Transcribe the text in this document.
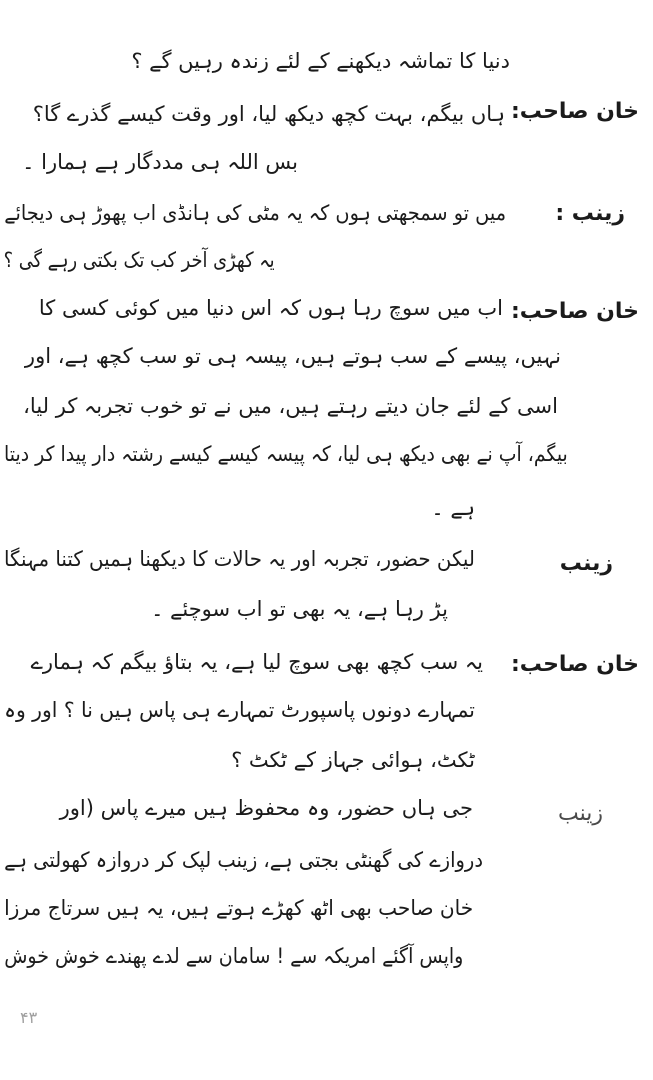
دنیا کا تماشہ دیکھنے کے لئے زندہ رہیں گے ؟
خان صاحب:
ہاں بیگم، بہت کچھ دیکھ لیا، اور وقت کیسے گذرے گا؟
بس اللہ ہی مددگار ہے ہمارا ۔
زینب :
میں تو سمجھتی ہوں کہ یہ مٹی کی ہانڈی اب پھوڑ ہی دیجائے
یہ کھڑی آخر کب تک بکتی رہے گی ؟
خان صاحب:
اب میں سوچ رہا ہوں کہ اس دنیا میں کوئی کسی کا
نہیں، پیسے کے سب ہوتے ہیں، پیسہ ہی تو سب کچھ ہے، اور
اسی کے لئے جان دیتے رہتے ہیں، میں نے تو خوب تجربہ کر لیا،
بیگم، آپ نے بھی دیکھ ہی لیا، کہ پیسہ کیسے کیسے رشتہ دار پیدا کر دیتا
ہے ۔
زینب
لیکن حضور، تجربہ اور یہ حالات کا دیکھنا ہمیں کتنا مہنگا
پڑ رہا ہے، یہ بھی تو اب سوچئے ۔
خان صاحب:
یہ سب کچھ بھی سوچ لیا ہے، یہ بتاؤ بیگم کہ ہمارے
تمہارے دونوں پاسپورٹ تمہارے ہی پاس ہیں نا ؟ اور وہ
ٹکٹ، ہوائی جہاز کے ٹکٹ ؟
زینب
جی ہاں حضور، وہ محفوظ ہیں میرے پاس (اور
دروازے کی گھنٹی بجتی ہے، زینب لپک کر دروازہ کھولتی ہے
خان صاحب بھی اٹھ کھڑے ہوتے ہیں، یہ ہیں سرتاج مرزا
واپس آگئے امریکہ سے ! سامان سے لدے پھندے خوش خوش
۴۳
